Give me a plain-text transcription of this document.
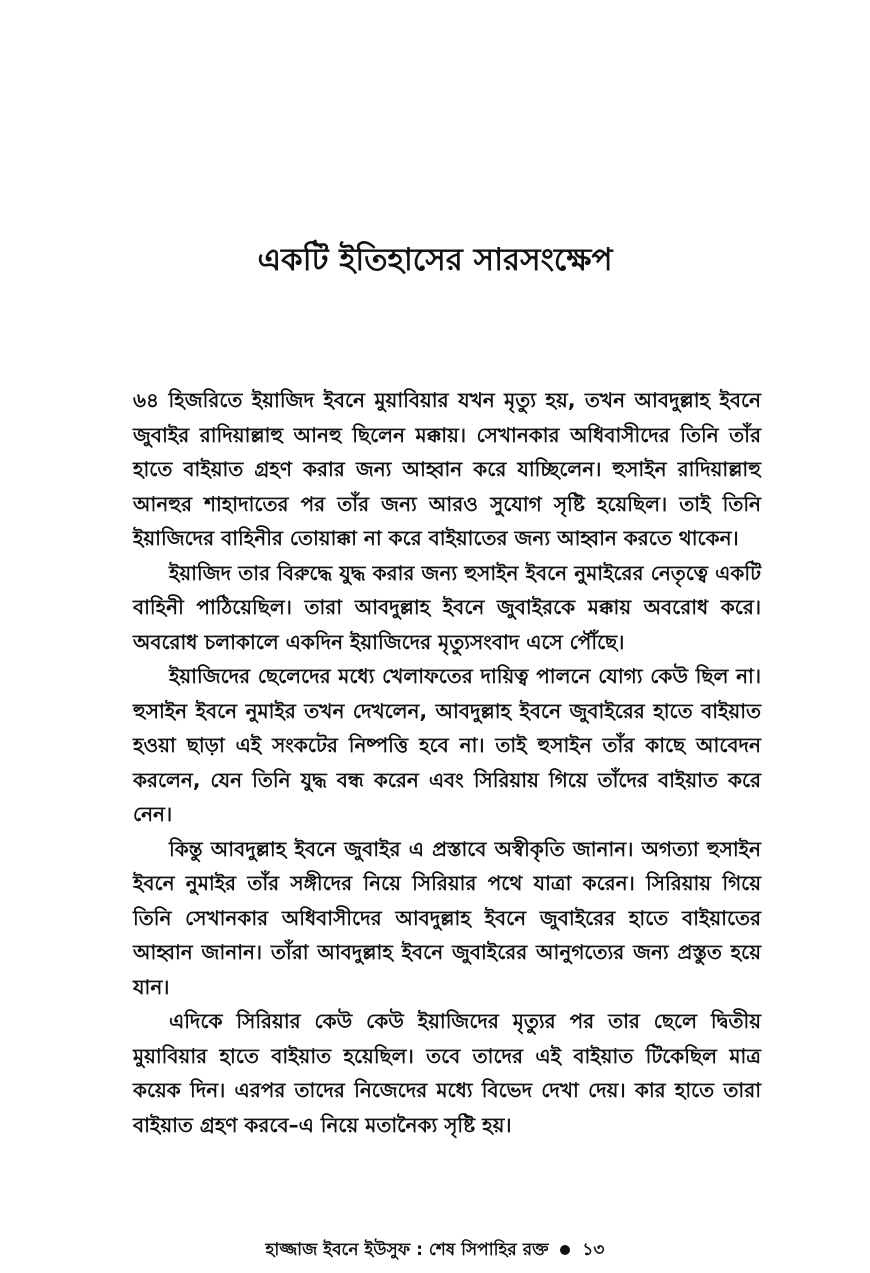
একটি ইতিহাসের সারসংক্ষেপ

৬৪ হিজরিতে ইয়াজিদ ইবনে মুয়াবিয়ার যখন মৃত্যু হয়, তখন আবদুল্লাহ ইবনে জুবাইর রাদিয়াল্লাহু আনহু ছিলেন মক্কায়। সেখানকার অধিবাসীদের তিনি তাঁর হাতে বাইয়াত গ্রহণ করার জন্য আহ্বান করে যাচ্ছিলেন। হুসাইন রাদিয়াল্লাহু আনহুর শাহাদাতের পর তাঁর জন্য আরও সুযোগ সৃষ্টি হয়েছিল। তাই তিনি ইয়াজিদের বাহিনীর তোয়াক্কা না করে বাইয়াতের জন্য আহ্বান করতে থাকেন।

ইয়াজিদ তার বিরুদ্ধে যুদ্ধ করার জন্য হুসাইন ইবনে নুমাইরের নেতৃত্বে একটি বাহিনী পাঠিয়েছিল। তারা আবদুল্লাহ ইবনে জুবাইরকে মক্কায় অবরোধ করে। অবরোধ চলাকালে একদিন ইয়াজিদের মৃত্যুসংবাদ এসে পৌঁছে।

ইয়াজিদের ছেলেদের মধ্যে খেলাফতের দায়িত্ব পালনে যোগ্য কেউ ছিল না। হুসাইন ইবনে নুমাইর তখন দেখলেন, আবদুল্লাহ ইবনে জুবাইরের হাতে বাইয়াত হওয়া ছাড়া এই সংকটের নিষ্পত্তি হবে না। তাই হুসাইন তাঁর কাছে আবেদন করলেন, যেন তিনি যুদ্ধ বন্ধ করেন এবং সিরিয়ায় গিয়ে তাঁদের বাইয়াত করে নেন।

কিন্তু আবদুল্লাহ ইবনে জুবাইর এ প্রস্তাবে অস্বীকৃতি জানান। অগত্যা হুসাইন ইবনে নুমাইর তাঁর সঙ্গীদের নিয়ে সিরিয়ার পথে যাত্রা করেন। সিরিয়ায় গিয়ে তিনি সেখানকার অধিবাসীদের আবদুল্লাহ ইবনে জুবাইরের হাতে বাইয়াতের আহ্বান জানান। তাঁরা আবদুল্লাহ ইবনে জুবাইরের আনুগত্যের জন্য প্রস্তুত হয়ে যান।

এদিকে সিরিয়ার কেউ কেউ ইয়াজিদের মৃত্যুর পর তার ছেলে দ্বিতীয় মুয়াবিয়ার হাতে বাইয়াত হয়েছিল। তবে তাদের এই বাইয়াত টিকেছিল মাত্র কয়েক দিন। এরপর তাদের নিজেদের মধ্যে বিভেদ দেখা দেয়। কার হাতে তারা বাইয়াত গ্রহণ করবে–এ নিয়ে মতানৈক্য সৃষ্টি হয়।

হাজ্জাজ ইবনে ইউসুফ : শেষ সিপাহির রক্ত ১৩
